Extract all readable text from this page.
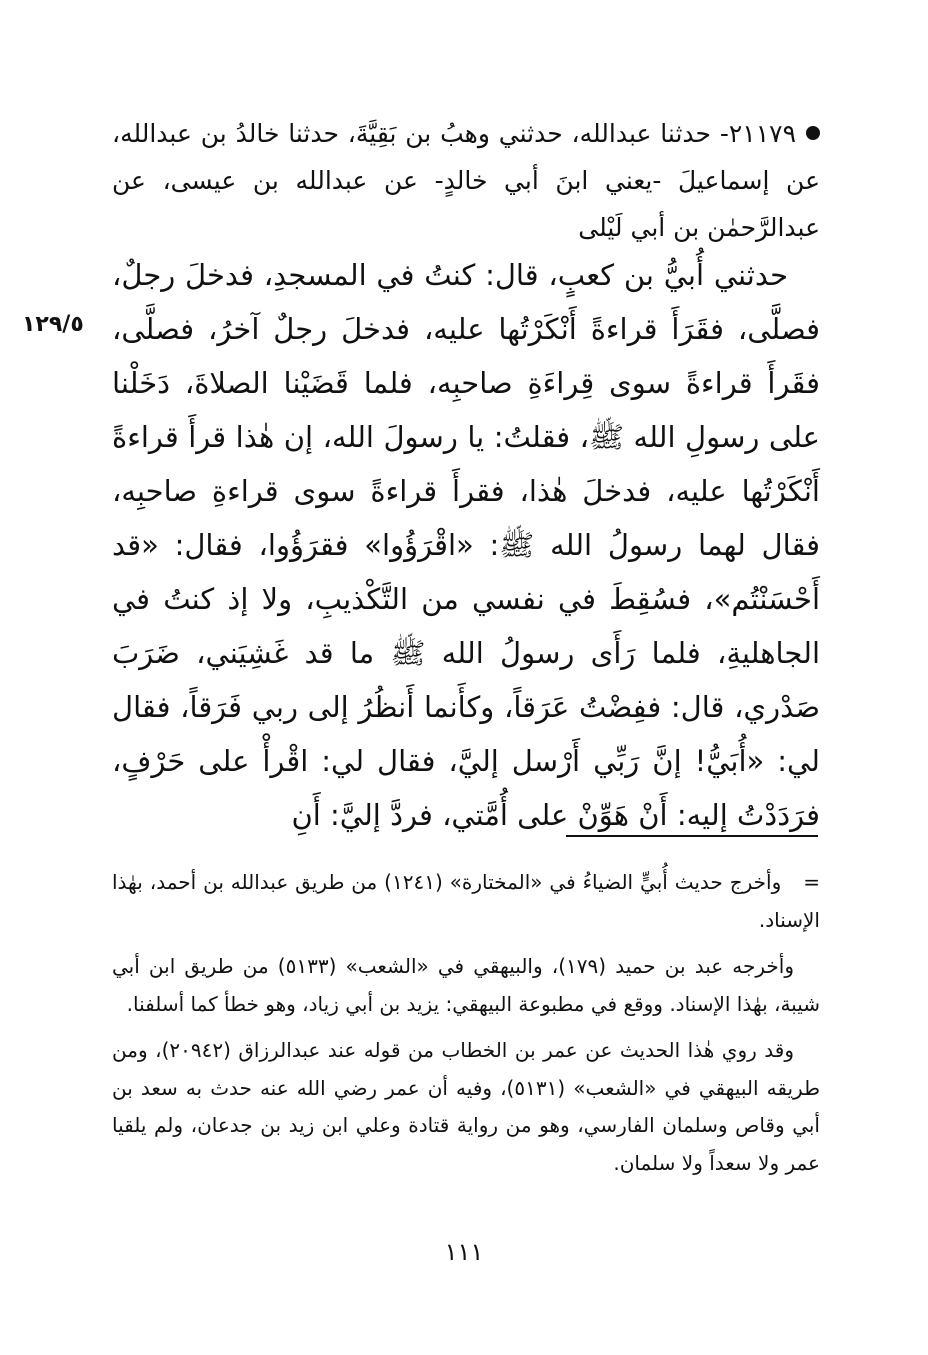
٢١١٧٩- حدثنا عبدالله، حدثني وهبُ بن بَقِيَّةَ، حدثنا خالدُ بن عبدالله، عن إسماعيلَ -يعني ابنَ أبي خالدٍ- عن عبدالله بن عيسى، عن عبدالرَّحمٰن بن أبي لَيْلى

حدثني أُبيُّ بن كعبٍ، قال: كنتُ في المسجدِ، فدخلَ رجلٌ، فصلَّى، فقَرَأَ قراءةً أَنْكَرْتُها عليه، فدخلَ رجلٌ آخرُ، فصلَّى، فقَرأَ قراءةً سوى قِراءَةِ صاحبِه، فلما قَضَيْنا الصلاةَ، دَخَلْنا على رسولِ الله ﷺ، فقلتُ: يا رسولَ الله، إن هٰذا قرأَ قراءةً أَنْكَرْتُها عليه، فدخلَ هٰذا، فقرأَ قراءةً سوى قراءةِ صاحبِه، فقال لهما رسولُ الله ﷺ: «اقْرَؤُوا» فقرَؤُوا، فقال: «قد أَحْسَنْتُم»، فسُقِطَ في نفسي من التَّكْذيبِ، ولا إذ كنتُ في الجاهليةِ، فلما رَأَى رسولُ الله ﷺ ما قد غَشِيَني، ضَرَبَ صَدْري، قال: ففِضْتُ عَرَقاً، وكأَنما أَنظُرُ إلى ربي فَرَقاً، فقال لي: «أُبَيُّ! إنَّ رَبِّي أَرْسل إليَّ، فقال لي: اقْرأْ على حَرْفٍ، فرَدَدْتُ إليه: أَنْ هَوِّنْ على أُمَّتي، فردَّ إليَّ: أَنِ

١٢٩/٥

=وأخرج حديث أُبيٍّ الضياءُ في «المختارة» (١٢٤١) من طريق عبدالله بن أحمد، بهٰذا الإسناد.

وأخرجه عبد بن حميد (١٧٩)، والبيهقي في «الشعب» (٥١٣٣) من طريق ابن أبي شيبة، بهٰذا الإسناد. ووقع في مطبوعة البيهقي: يزيد بن أبي زياد، وهو خطأ كما أسلفنا.

وقد روي هٰذا الحديث عن عمر بن الخطاب من قوله عند عبدالرزاق (٢٠٩٤٢)، ومن طريقه البيهقي في «الشعب» (٥١٣١)، وفيه أن عمر رضي الله عنه حدث به سعد بن أبي وقاص وسلمان الفارسي، وهو من رواية قتادة وعلي ابن زيد بن جدعان، ولم يلقيا عمر ولا سعداً ولا سلمان.

١١١
